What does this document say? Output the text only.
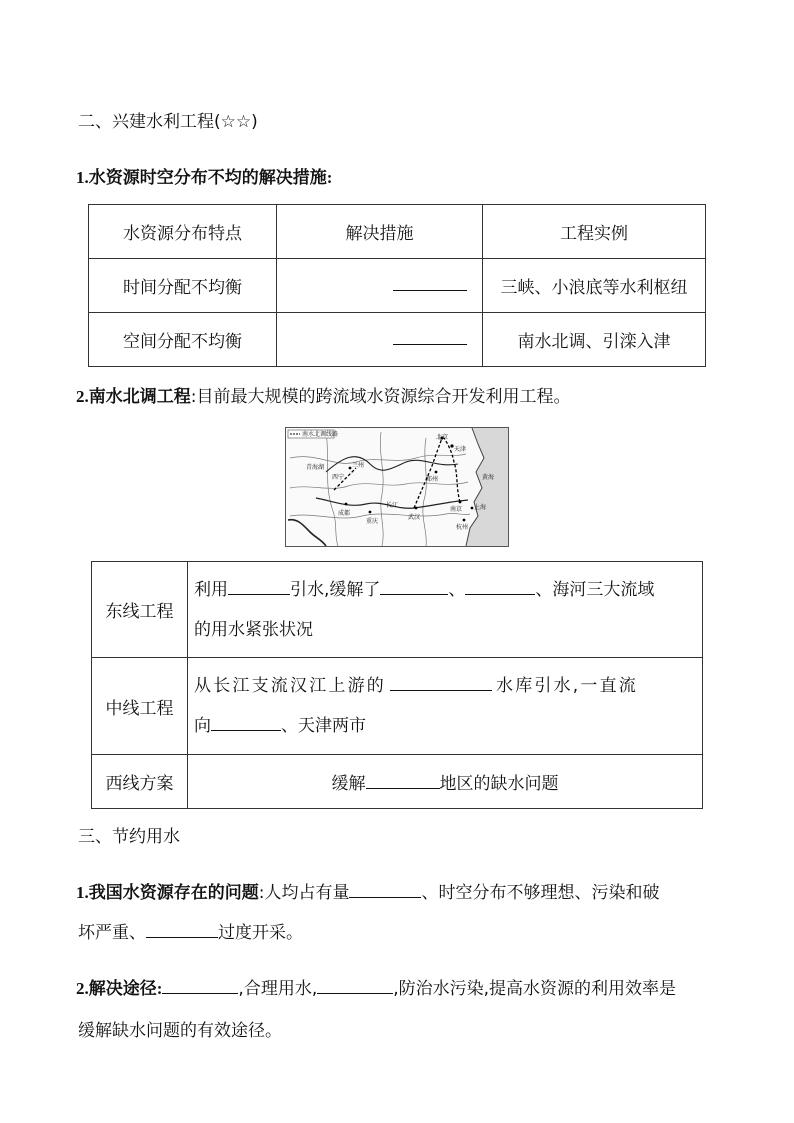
二、兴建水利工程(☆☆)
1.水资源时空分布不均的解决措施:
水资源分布特点	解决措施	工程实例
时间分配不均衡		三峡、小浪底等水利枢纽
空间分配不均衡		南水北调、引滦入津
2.南水北调工程:目前最大规模的跨流域水资源综合开发利用工程。
南水北调线路	北京
天津
黄海
青海湖
西宁
兰州
郑州
南京 上海
杭州
武汉
成都
重庆
长江
东线工程	利用 引水,缓解了 、 、海河三大流域
的用水紧张状况

中线工程	从长江支流汉江上游的 水库引水,一直流
向 、天津两市

西线方案	缓解 地区的缺水问题
三、节约用水
1.我国水资源存在的问题:人均占有量	、时空分布不够理想、污染和破
坏严重、	过度开采。
2.解决途径:	,合理用水,	,防治水污染,提高水资源的利用效率是
缓解缺水问题的有效途径。
